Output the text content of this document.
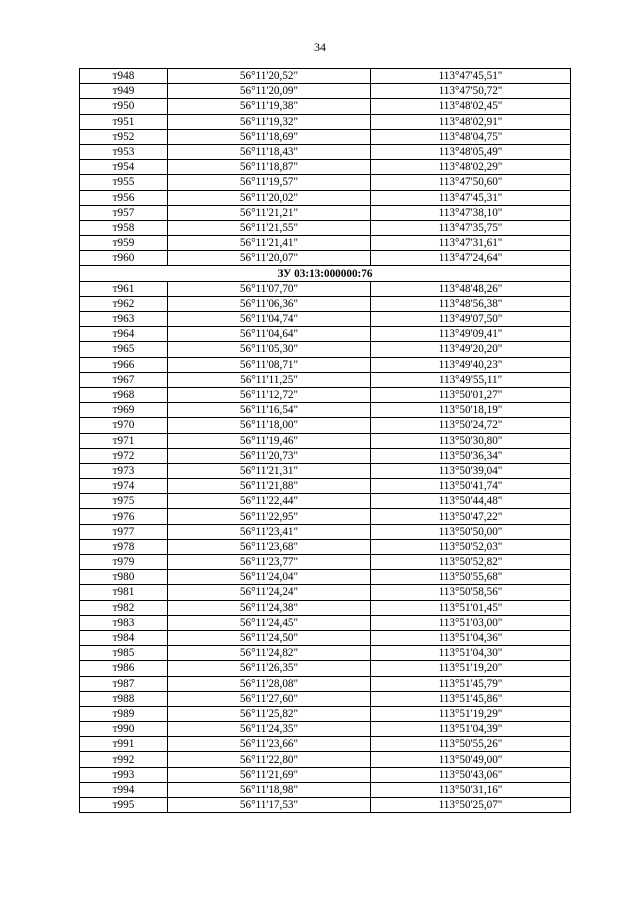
34
т948	56°11'20,52"	113°47'45,51"
т949	56°11'20,09"	113°47'50,72"
т950	56°11'19,38"	113°48'02,45"
т951	56°11'19,32"	113°48'02,91"
т952	56°11'18,69"	113°48'04,75"
т953	56°11'18,43"	113°48'05,49"
т954	56°11'18,87"	113°48'02,29"
т955	56°11'19,57"	113°47'50,60"
т956	56°11'20,02"	113°47'45,31"
т957	56°11'21,21"	113°47'38,10"
т958	56°11'21,55"	113°47'35,75"
т959	56°11'21,41"	113°47'31,61"
т960	56°11'20,07"	113°47'24,64"
ЗУ 03:13:000000:76		
т961	56°11'07,70"	113°48'48,26"
т962	56°11'06,36"	113°48'56,38"
т963	56°11'04,74"	113°49'07,50"
т964	56°11'04,64"	113°49'09,41"
т965	56°11'05,30"	113°49'20,20"
т966	56°11'08,71"	113°49'40,23"
т967	56°11'11,25"	113°49'55,11"
т968	56°11'12,72"	113°50'01,27"
т969	56°11'16,54"	113°50'18,19"
т970	56°11'18,00"	113°50'24,72"
т971	56°11'19,46"	113°50'30,80"
т972	56°11'20,73"	113°50'36,34"
т973	56°11'21,31"	113°50'39,04"
т974	56°11'21,88"	113°50'41,74"
т975	56°11'22,44"	113°50'44,48"
т976	56°11'22,95"	113°50'47,22"
т977	56°11'23,41"	113°50'50,00"
т978	56°11'23,68"	113°50'52,03"
т979	56°11'23,77"	113°50'52,82"
т980	56°11'24,04"	113°50'55,68"
т981	56°11'24,24"	113°50'58,56"
т982	56°11'24,38"	113°51'01,45"
т983	56°11'24,45"	113°51'03,00"
т984	56°11'24,50"	113°51'04,36"
т985	56°11'24,82"	113°51'04,30"
т986	56°11'26,35"	113°51'19,20"
т987	56°11'28,08"	113°51'45,79"
т988	56°11'27,60"	113°51'45,86"
т989	56°11'25,82"	113°51'19,29"
т990	56°11'24,35"	113°51'04,39"
т991	56°11'23,66"	113°50'55,26"
т992	56°11'22,80"	113°50'49,00"
т993	56°11'21,69"	113°50'43,06"
т994	56°11'18,98"	113°50'31,16"
т995	56°11'17,53"	113°50'25,07"
